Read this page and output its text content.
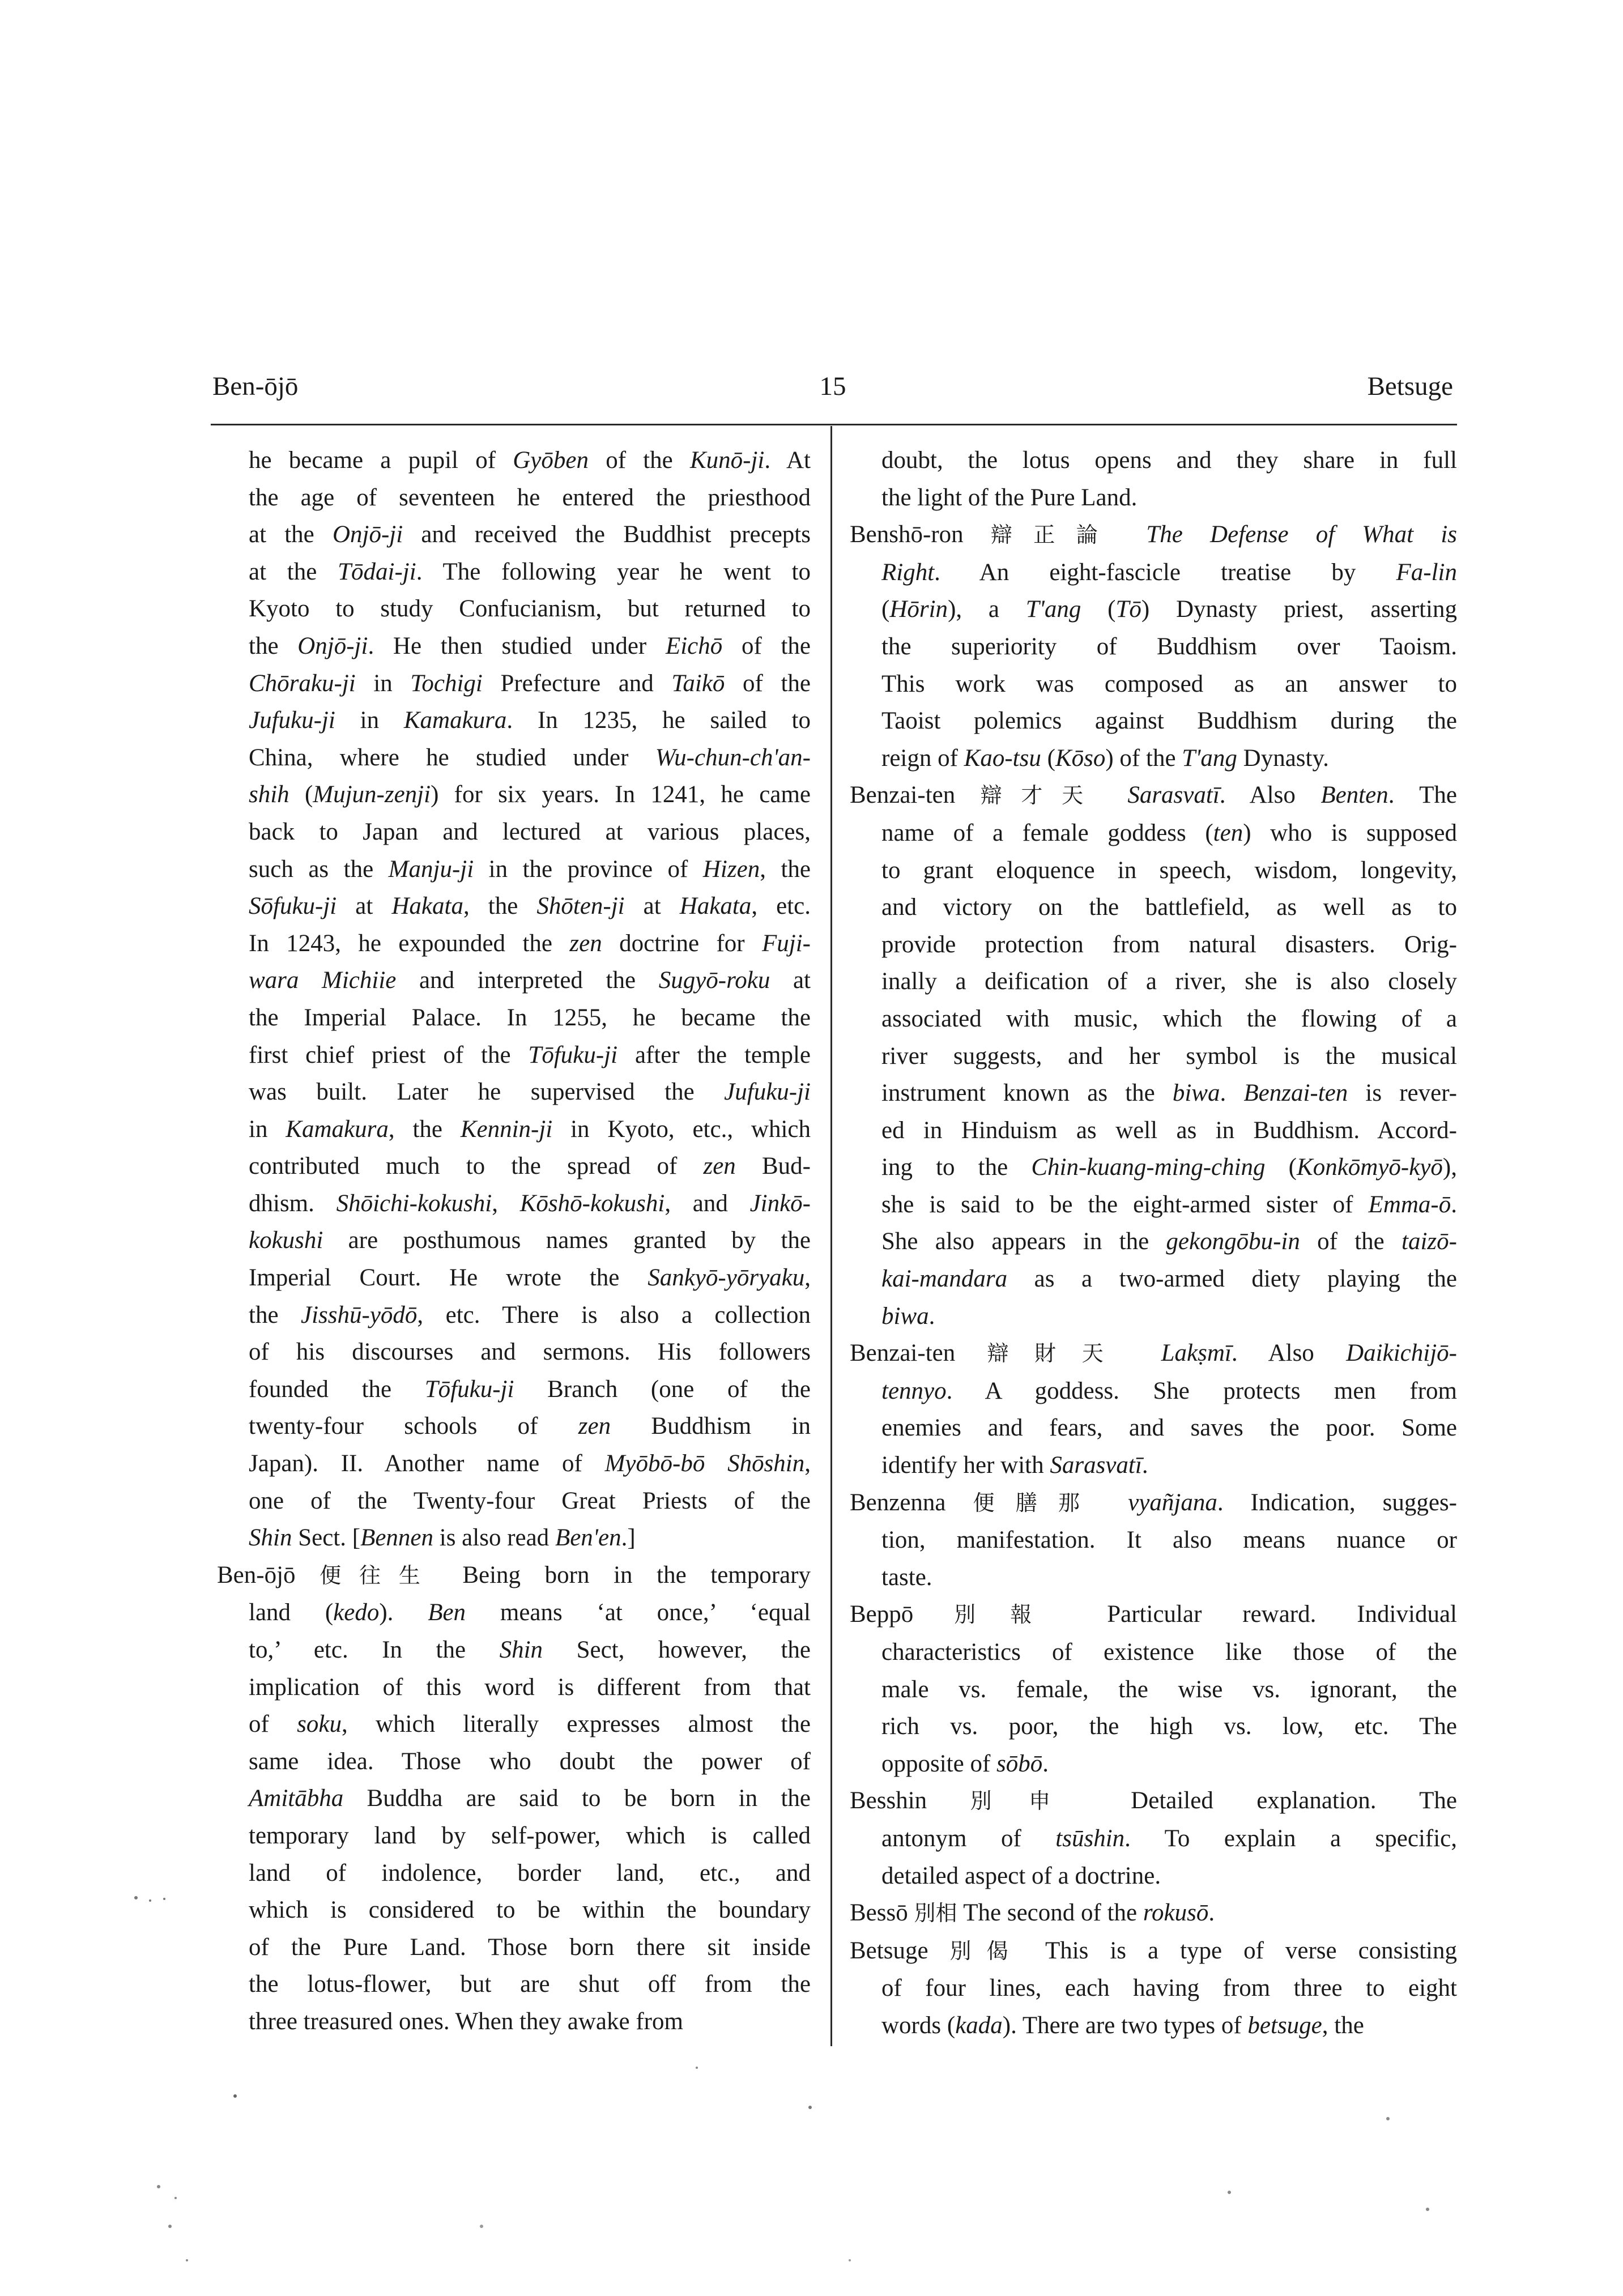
Ben-ōjō	15	Betsuge
he became a pupil of Gyōben of the Kunō-ji. At
the age of seventeen he entered the priesthood
at the Onjō-ji and received the Buddhist precepts
at the Tōdai-ji. The following year he went to
Kyoto to study Confucianism, but returned to
the Onjō-ji. He then studied under Eichō of the
Chōraku-ji in Tochigi Prefecture and Taikō of the
Jufuku-ji in Kamakura. In 1235, he sailed to
China, where he studied under Wu-chun-ch'an-
shih (Mujun-zenji) for six years. In 1241, he came
back to Japan and lectured at various places,
such as the Manju-ji in the province of Hizen, the
Sōfuku-ji at Hakata, the Shōten-ji at Hakata, etc.
In 1243, he expounded the zen doctrine for Fuji-
wara Michiie and interpreted the Sugyō-roku at
the Imperial Palace. In 1255, he became the
first chief priest of the Tōfuku-ji after the temple
was built. Later he supervised the Jufuku-ji
in Kamakura, the Kennin-ji in Kyoto, etc., which
contributed much to the spread of zen Bud-
dhism. Shōichi-kokushi, Kōshō-kokushi, and Jinkō-
kokushi are posthumous names granted by the
Imperial Court. He wrote the Sankyō-yōryaku,
the Jisshū-yōdō, etc. There is also a collection
of his discourses and sermons. His followers
founded the Tōfuku-ji Branch (one of the
twenty-four schools of zen Buddhism in
Japan). II. Another name of Myōbō-bō Shōshin,
one of the Twenty-four Great Priests of the
Shin Sect. [Bennen is also read Ben'en.]
Ben-ōjō 便往生 Being born in the temporary
land (kedo). Ben means ‘at once,’ ‘equal
to,’ etc. In the Shin Sect, however, the
implication of this word is different from that
of soku, which literally expresses almost the
same idea. Those who doubt the power of
Amitābha Buddha are said to be born in the
temporary land by self-power, which is called
land of indolence, border land, etc., and
which is considered to be within the boundary
of the Pure Land. Those born there sit inside
the lotus-flower, but are shut off from the
three treasured ones. When they awake from
doubt, the lotus opens and they share in full
the light of the Pure Land.
Benshō-ron 辯正論 The Defense of What is
Right. An eight-fascicle treatise by Fa-lin
(Hōrin), a T'ang (Tō) Dynasty priest, asserting
the superiority of Buddhism over Taoism.
This work was composed as an answer to
Taoist polemics against Buddhism during the
reign of Kao-tsu (Kōso) of the T'ang Dynasty.
Benzai-ten 辯才天 Sarasvatī. Also Benten. The
name of a female goddess (ten) who is supposed
to grant eloquence in speech, wisdom, longevity,
and victory on the battlefield, as well as to
provide protection from natural disasters. Orig-
inally a deification of a river, she is also closely
associated with music, which the flowing of a
river suggests, and her symbol is the musical
instrument known as the biwa. Benzai-ten is rever-
ed in Hinduism as well as in Buddhism. Accord-
ing to the Chin-kuang-ming-ching (Konkōmyō-kyō),
she is said to be the eight-armed sister of Emma-ō.
She also appears in the gekongōbu-in of the taizō-
kai-mandara as a two-armed diety playing the
biwa.
Benzai-ten 辯財天 Lakṣmī. Also Daikichijō-
tennyo. A goddess. She protects men from
enemies and fears, and saves the poor. Some
identify her with Sarasvatī.
Benzenna 便膳那 vyañjana. Indication, sugges-
tion, manifestation. It also means nuance or
taste.
Beppō 別報 Particular reward. Individual
characteristics of existence like those of the
male vs. female, the wise vs. ignorant, the
rich vs. poor, the high vs. low, etc. The
opposite of sōbō.
Besshin 別申 Detailed explanation. The
antonym of tsūshin. To explain a specific,
detailed aspect of a doctrine.
Bessō 別相 The second of the rokusō.
Betsuge 別偈 This is a type of verse consisting
of four lines, each having from three to eight
words (kada). There are two types of betsuge, the
